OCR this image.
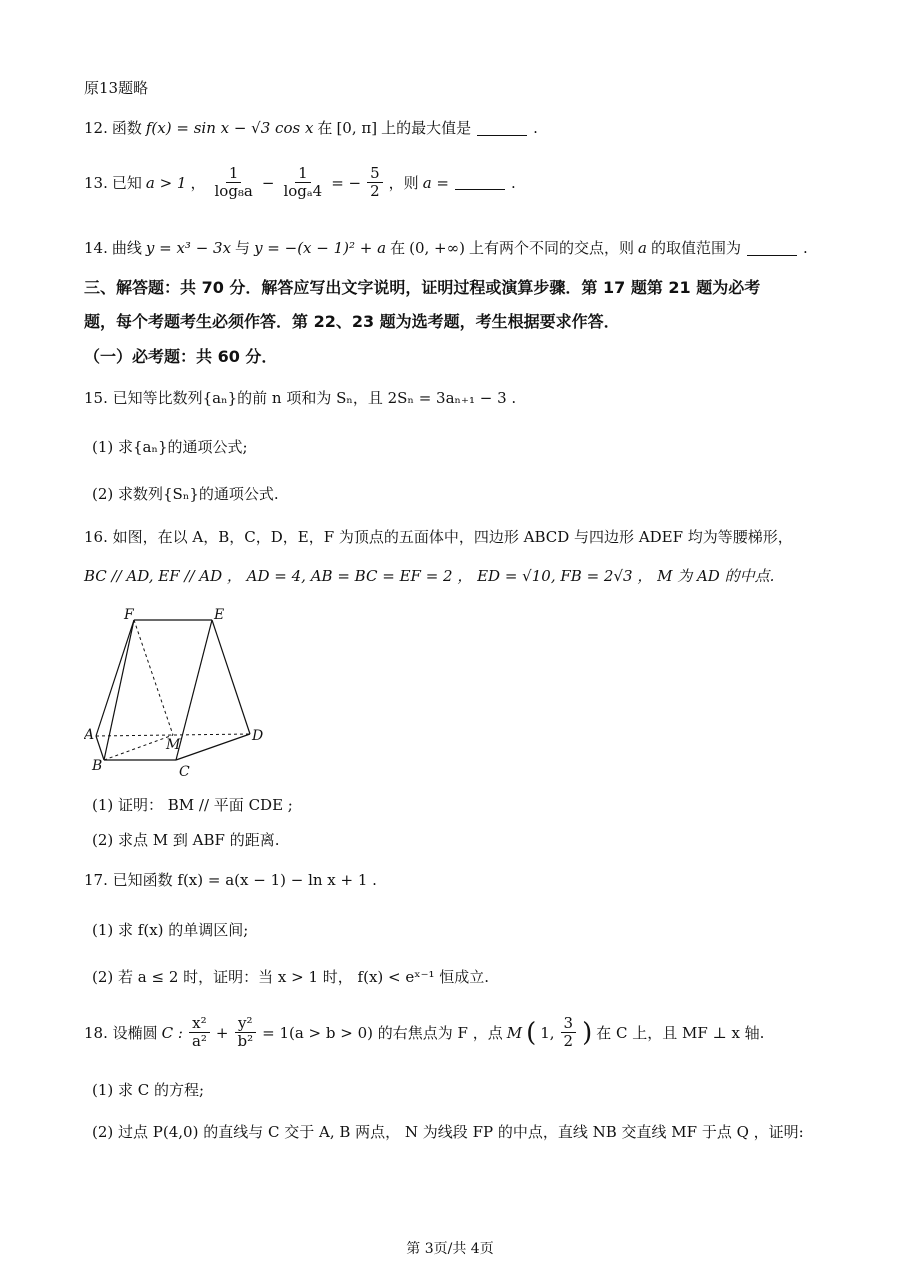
原13题略
12. 函数 f(x) = sin x − √3 cos x 在 [0, π] 上的最大值是	.
13. 已知 a > 1 ， $\frac{1}{\text{log₈a}} - \frac{1}{\text{logₐ4}}$ = − $\frac{5}{2}$ ，则 a =	.
14. 曲线 y = x³ − 3x 与 y = −(x − 1)² + a 在 (0, +∞) 上有两个不同的交点，则 a 的取值范围为	.
三、解答题：共 70 分．解答应写出文字说明，证明过程或演算步骤．第 17 题第 21 题为必考
题，每个考题考生必须作答．第 22、23 题为选考题，考生根据要求作答．
（一）必考题：共 60 分．
15. 已知等比数列{aₙ}的前 n 项和为 Sₙ，且 2Sₙ = 3aₙ₊₁ − 3 .
(1) 求{aₙ}的通项公式;
(2) 求数列{Sₙ}的通项公式.
16. 如图，在以 A，B，C，D，E，F 为顶点的五面体中，四边形 ABCD 与四边形 ADEF 均为等腰梯形，
BC // AD, EF // AD ， AD = 4, AB = BC = EF = 2 ， ED = √10, FB = 2√3 ， M 为 AD 的中点.
F	E
A
M
D
B	C
(1) 证明： BM // 平面 CDE ;
(2) 求点 M 到 ABF 的距离.
17. 已知函数 f(x) = a(x − 1) − ln x + 1 .
(1) 求 f(x) 的单调区间;
(2) 若 a ≤ 2 时，证明：当 x > 1 时， f(x) < eˣ⁻¹ 恒成立.
18. 设椭圆 C : $\frac{\text{x²}}{\text{a²}} + \frac{\text{y²}}{\text{b²}} = 1(a > b > 0)$ 的右焦点为 F ，点 M ( 1, $\frac{3}{2}$ ) 在 C 上，且 MF ⊥ x 轴.
(1) 求 C 的方程;
(2) 过点 P(4,0) 的直线与 C 交于 A, B 两点， N 为线段 FP 的中点，直线 NB 交直线 MF 于点 Q ，证明:
第 3页/共 4页
